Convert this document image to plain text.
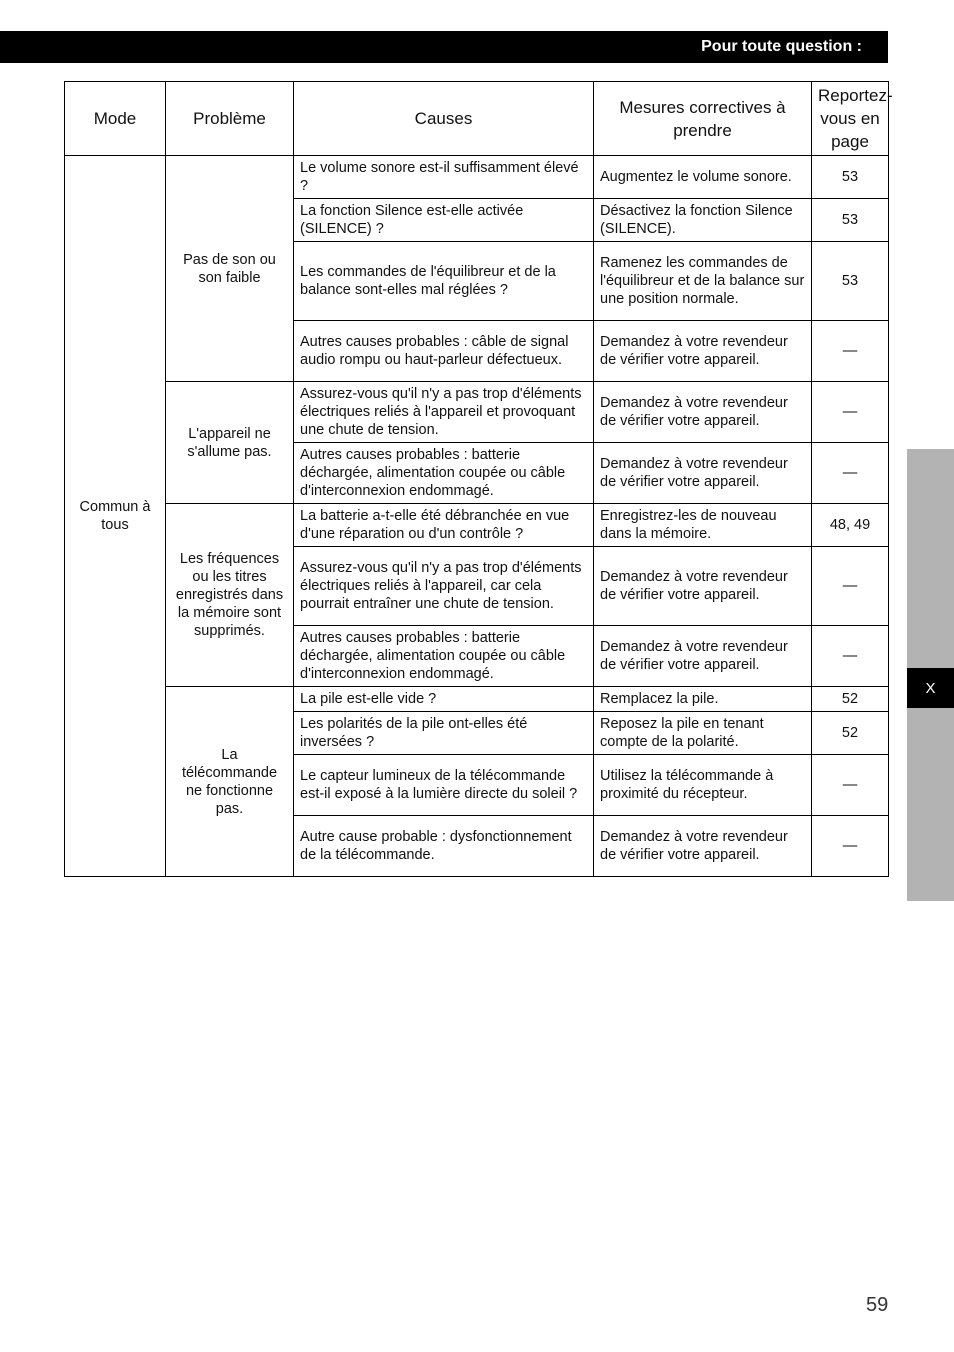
Pour toute question :
Mode	Problème	Causes	Mesures correctives à prendre	Reportez-vous en page
Commun à tous	Pas de son ou son faible	Le volume sonore est-il suffisamment élevé ?	Augmentez le volume sonore.	53
		La fonction Silence est-elle activée (SILENCE) ?	Désactivez la fonction Silence (SILENCE).	53
		Les commandes de l'équilibreur et de la balance sont-elles mal réglées ?	Ramenez les commandes de l'équilibreur et de la balance sur une position normale.	53
		Autres causes probables : câble de signal audio rompu ou haut-parleur défectueux.	Demandez à votre revendeur de vérifier votre appareil.	—
	L'appareil ne s'allume pas.	Assurez-vous qu'il n'y a pas trop d'éléments électriques reliés à l'appareil et provoquant une chute de tension.	Demandez à votre revendeur de vérifier votre appareil.	—
		Autres causes probables : batterie déchargée, alimentation coupée ou câble d'interconnexion endommagé.	Demandez à votre revendeur de vérifier votre appareil.	—
	Les fréquences ou les titres enregistrés dans la mémoire sont supprimés.	La batterie a-t-elle été débranchée en vue d'une réparation ou d'un contrôle ?	Enregistrez-les de nouveau dans la mémoire.	48, 49
		Assurez-vous qu'il n'y a pas trop d'éléments électriques reliés à l'appareil, car cela pourrait entraîner une chute de tension.	Demandez à votre revendeur de vérifier votre appareil.	—
		Autres causes probables : batterie déchargée, alimentation coupée ou câble d'interconnexion endommagé.	Demandez à votre revendeur de vérifier votre appareil.	—
	La télécommande ne fonctionne pas.	La pile est-elle vide ?	Remplacez la pile.	52
		Les polarités de la pile ont-elles été inversées ?	Reposez la pile en tenant compte de la polarité.	52
		Le capteur lumineux de la télécommande est-il exposé à la lumière directe du soleil ?	Utilisez la télécommande à proximité du récepteur.	—
		Autre cause probable : dysfonctionnement de la télécommande.	Demandez à votre revendeur de vérifier votre appareil.	—
X
59
